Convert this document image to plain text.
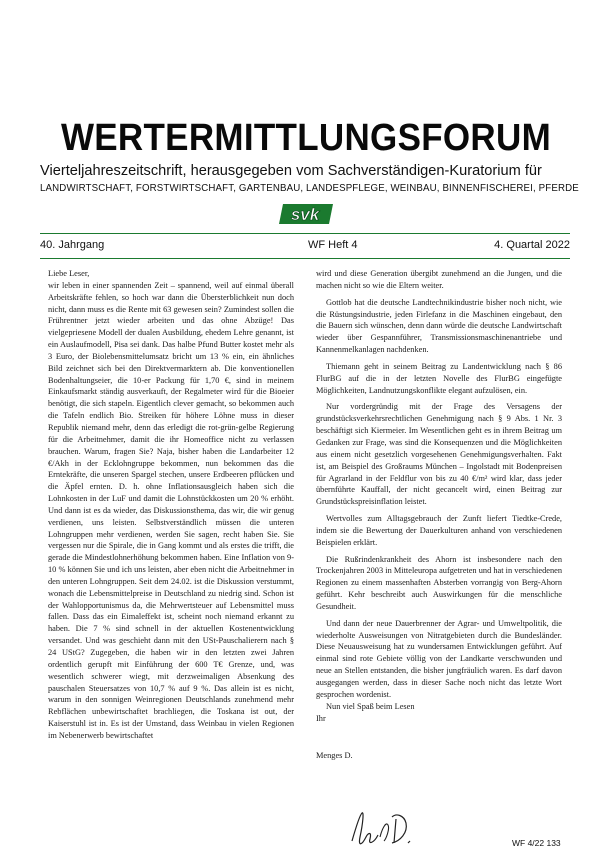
WERTERMITTLUNGSFORUM
Vierteljahreszeitschrift, herausgegeben vom Sachverständigen-Kuratorium für
LANDWIRTSCHAFT, FORSTWIRTSCHAFT, GARTENBAU, LANDESPFLEGE, WEINBAU, BINNENFISCHEREI, PFERDE
svk
40. Jahrgang	WF Heft 4	4. Quartal 2022

Liebe Leser,

wir leben in einer spannenden Zeit – spannend, weil auf einmal überall Arbeitskräfte fehlen, so hoch war dann die Übersterblichkeit nun doch nicht, dann muss es die Rente mit 63 gewesen sein? Zumindest sollen die Frührentner jetzt wieder arbeiten und das ohne Abzüge! Das vielgepriesene Modell der dualen Ausbildung, ehedem Lehre genannt, ist ein Auslaufmodell, Pisa sei dank. Das halbe Pfund Butter kostet mehr als 3 Euro, der Biolebensmittelumsatz bricht um 13 % ein, ein ähnliches Bild zeichnet sich bei den Direktvermarktern ab. Die konventionellen Bodenhaltungseier, die 10-er Packung für 1,70 €, sind in meinem Einkaufsmarkt ständig ausverkauft, der Regalmeter wird für die Bioeier benötigt, die sich stapeln. Eigentlich clever gemacht, so bekommen auch die Tafeln endlich Bio. Streiken für höhere Löhne muss in dieser Republik niemand mehr, denn das erledigt die rot-grün-gelbe Regierung für die Arbeitnehmer, damit die ihr Homeoffice nicht zu verlassen brauchen. Warum, fragen Sie? Naja, bisher haben die Landarbeiter 12 €/Akh in der Ecklohngruppe bekommen, nun bekommen das die Erntekräfte, die unseren Spargel stechen, unsere Erdbeeren pflücken und die Äpfel ernten. D. h. ohne Inflationsausgleich haben sich die Lohnkosten in der LuF und damit die Lohnstückkosten um 20 % erhöht. Und dann ist es da wieder, das Diskussionsthema, das wir, die wir genug verdienen, uns leisten. Selbstverständlich müssen die unteren Lohngruppen mehr verdienen, werden Sie sagen, recht haben Sie. Sie vergessen nur die Spirale, die in Gang kommt und als erstes die trifft, die gerade die Mindestlohnerhöhung bekommen haben. Eine Inflation von 9-10 % können Sie und ich uns leisten, aber eben nicht die Arbeitnehmer in den unteren Lohngruppen. Seit dem 24.02. ist die Diskussion verstummt, wonach die Lebensmittelpreise in Deutschland zu niedrig sind. Schon ist der Wahlopportunismus da, die Mehrwertsteuer auf Lebensmittel muss fallen. Dass das ein Eimaleffekt ist, scheint noch niemand erkannt zu haben. Die 7 % sind schnell in der aktuellen Kostenentwicklung versandet. Und was geschieht dann mit den USt-Pauschalierern nach § 24 UStG? Zugegeben, die haben wir in den letzten zwei Jahren ordentlich gerupft mit Einführung der 600 T€ Grenze, und, was wesentlich schwerer wiegt, mit derzweimaligen Absenkung des pauschalen Steuersatzes von 10,7 % auf 9 %. Das allein ist es nicht, warum in den sonnigen Weinregionen Deutschlands zunehmend mehr Rebflächen unbewirtschaftet brachliegen, die Toskana ist out, der Kaiserstuhl ist in. Es ist der Umstand, dass Weinbau in vielen Regionen im Nebenerwerb bewirtschaftet

wird und diese Generation übergibt zunehmend an die Jungen, und die machen nicht so wie die Eltern weiter.

Gottlob hat die deutsche Landtechnikindustrie bisher noch nicht, wie die Rüstungsindustrie, jeden Firlefanz in die Maschinen eingebaut, den die Bauern sich wünschen, denn dann würde die deutsche Landwirtschaft wieder über Gespannführer, Transmissionsmaschinenantriebe und Kannenmelkanlagen nachdenken.

Thiemann geht in seinem Beitrag zu Landentwicklung nach § 86 FlurBG auf die in der letzten Novelle des FlurBG eingefügte Möglichkeiten, Landnutzungskonflikte elegant aufzulösen, ein.

Nur vordergründig mit der Frage des Versagens der grundstücksverkehrsrechtlichen Genehmigung nach § 9 Abs. 1 Nr. 3 beschäftigt sich Kiermeier. Im Wesentlichen geht es in ihrem Beitrag um Gedanken zur Frage, was sind die Konsequenzen und die Möglichkeiten aus einem nicht gesetzlich vorgesehenen Genehmigungsverhalten. Fakt ist, am Beispiel des Großraums München – Ingolstadt mit Bodenpreisen für Agrarland in der Feldflur von bis zu 40 €/m² wird klar, dass jeder übernführte Kauffall, der nicht gecancelt wird, einen Beitrag zur Grundstückspreisinflation leistet.

Wertvolles zum Alltagsgebrauch der Zunft liefert Tiedtke-Crede, indem sie die Bewertung der Dauerkulturen anhand von verschiedenen Beispielen erklärt.

Die Rußrindenkrankheit des Ahorn ist insbesondere nach den Trockenjahren 2003 in Mitteleuropa aufgetreten und hat in verschiedenen Regionen zu einem massenhaften Absterben vorrangig von Berg-Ahorn geführt. Kehr beschreibt auch Auswirkungen für die menschliche Gesundheit.

Und dann der neue Dauerbrenner der Agrar- und Umweltpolitik, die wiederholte Ausweisungen von Nitratgebieten durch die Bundesländer. Diese Neuausweisung hat zu wundersamen Entwicklungen geführt. Auf einmal sind rote Gebiete völlig von der Landkarte verschwunden und neue an Stellen entstanden, die bisher jungfräulich waren. Es darf davon ausgegangen werden, dass in dieser Sache noch nicht das letzte Wort gesprochen wordenist.

Nun viel Spaß beim Lesen

Ihr

Menges D.

WF 4/22 133
